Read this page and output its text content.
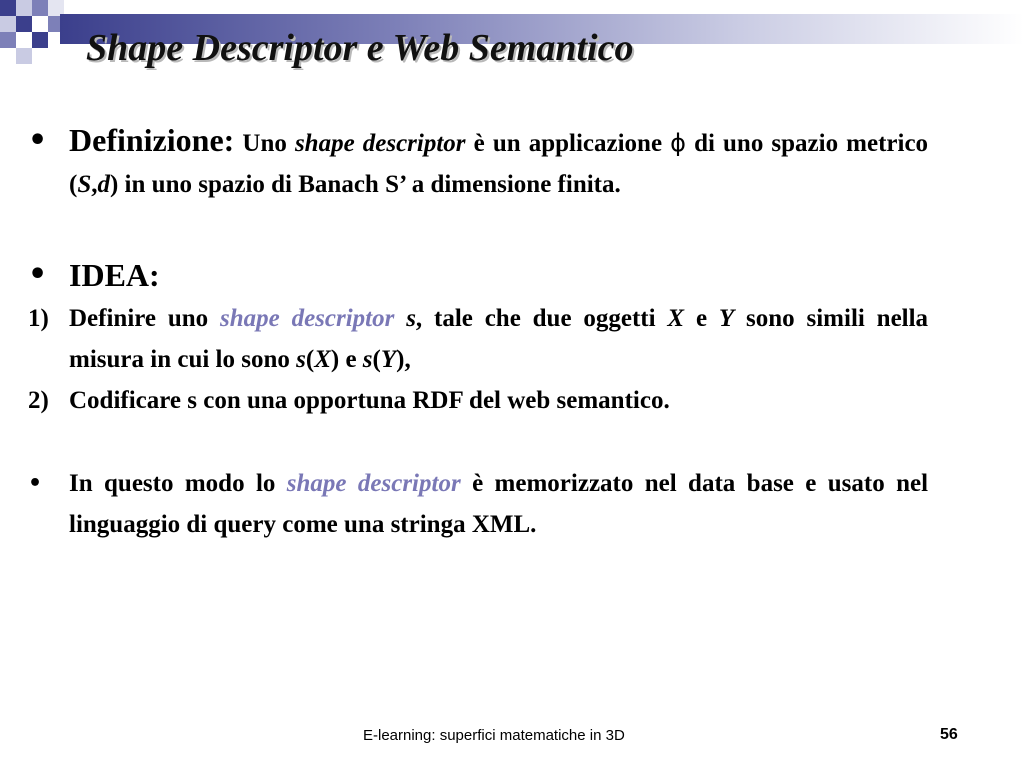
Shape Descriptor e Web Semantico
• Definizione: Uno shape descriptor è un applicazione ϕ di uno spazio metrico (S,d) in uno spazio di Banach S’ a dimensione finita.
• IDEA:
1) Definire uno shape descriptor s, tale che due oggetti X e Y sono simili nella misura in cui lo sono s(X) e s(Y),
2) Codificare s con una opportuna RDF del web semantico.
•	In questo modo lo shape descriptor è memorizzato nel data base e usato nel linguaggio di query come una stringa XML.
E-learning: superfici matematiche in 3D	56
